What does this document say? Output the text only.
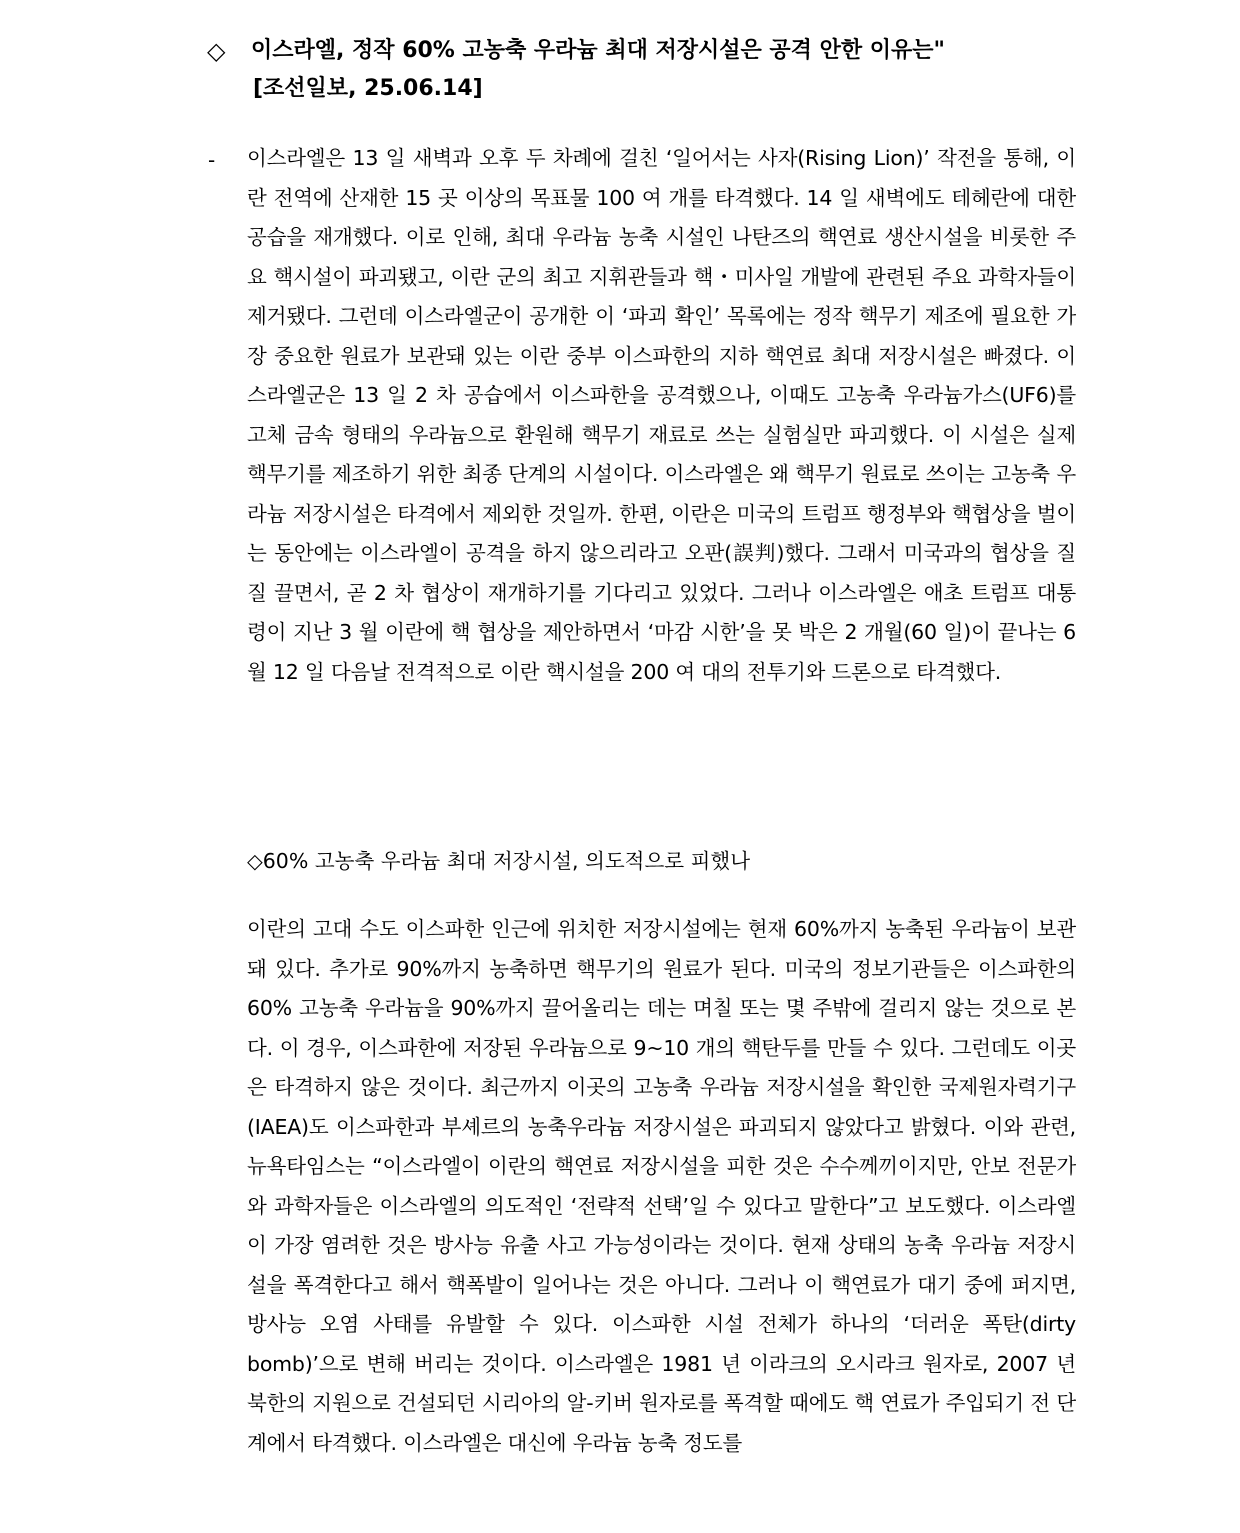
◇	이스라엘, 정작 60% 고농축 우라늄 최대 저장시설은 공격 안한 이유는"
[조선일보, 25.06.14]
- 이스라엘은 13 일 새벽과 오후 두 차례에 걸친 ‘일어서는 사자(Rising Lion)’ 작전을 통해, 이란 전역에 산재한 15 곳 이상의 목표물 100 여 개를 타격했다. 14 일 새벽에도 테헤란에 대한 공습을 재개했다. 이로 인해, 최대 우라늄 농축 시설인 나탄즈의 핵연료 생산시설을 비롯한 주요 핵시설이 파괴됐고, 이란 군의 최고 지휘관들과 핵・미사일 개발에 관련된 주요 과학자들이 제거됐다. 그런데 이스라엘군이 공개한 이 ‘파괴 확인’ 목록에는 정작 핵무기 제조에 필요한 가장 중요한 원료가 보관돼 있는 이란 중부 이스파한의 지하 핵연료 최대 저장시설은 빠졌다. 이스라엘군은 13 일 2 차 공습에서 이스파한을 공격했으나, 이때도 고농축 우라늄가스(UF6)를 고체 금속 형태의 우라늄으로 환원해 핵무기 재료로 쓰는 실험실만 파괴했다. 이 시설은 실제 핵무기를 제조하기 위한 최종 단계의 시설이다. 이스라엘은 왜 핵무기 원료로 쓰이는 고농축 우라늄 저장시설은 타격에서 제외한 것일까. 한편, 이란은 미국의 트럼프 행정부와 핵협상을 벌이는 동안에는 이스라엘이 공격을 하지 않으리라고 오판(誤判)했다. 그래서 미국과의 협상을 질질 끌면서, 곧 2 차 협상이 재개하기를 기다리고 있었다. 그러나 이스라엘은 애초 트럼프 대통령이 지난 3 월 이란에 핵 협상을 제안하면서 ‘마감 시한’을 못 박은 2 개월(60 일)이 끝나는 6 월 12 일 다음날 전격적으로 이란 핵시설을 200 여 대의 전투기와 드론으로 타격했다.

◇60% 고농축 우라늄 최대 저장시설, 의도적으로 피했나

이란의 고대 수도 이스파한 인근에 위치한 저장시설에는 현재 60%까지 농축된 우라늄이 보관돼 있다. 추가로 90%까지 농축하면 핵무기의 원료가 된다. 미국의 정보기관들은 이스파한의 60% 고농축 우라늄을 90%까지 끌어올리는 데는 며칠 또는 몇 주밖에 걸리지 않는 것으로 본다. 이 경우, 이스파한에 저장된 우라늄으로 9~10 개의 핵탄두를 만들 수 있다. 그런데도 이곳은 타격하지 않은 것이다. 최근까지 이곳의 고농축 우라늄 저장시설을 확인한 국제원자력기구(IAEA)도 이스파한과 부셰르의 농축우라늄 저장시설은 파괴되지 않았다고 밝혔다. 이와 관련, 뉴욕타임스는 “이스라엘이 이란의 핵연료 저장시설을 피한 것은 수수께끼이지만, 안보 전문가와 과학자들은 이스라엘의 의도적인 ‘전략적 선택’일 수 있다고 말한다”고 보도했다. 이스라엘이 가장 염려한 것은 방사능 유출 사고 가능성이라는 것이다. 현재 상태의 농축 우라늄 저장시설을 폭격한다고 해서 핵폭발이 일어나는 것은 아니다. 그러나 이 핵연료가 대기 중에 퍼지면, 방사능 오염 사태를 유발할 수 있다. 이스파한 시설 전체가 하나의 ‘더러운 폭탄(dirty bomb)’으로 변해 버리는 것이다. 이스라엘은 1981 년 이라크의 오시라크 원자로, 2007 년 북한의 지원으로 건설되던 시리아의 알-키버 원자로를 폭격할 때에도 핵 연료가 주입되기 전 단계에서 타격했다. 이스라엘은 대신에 우라늄 농축 정도를
